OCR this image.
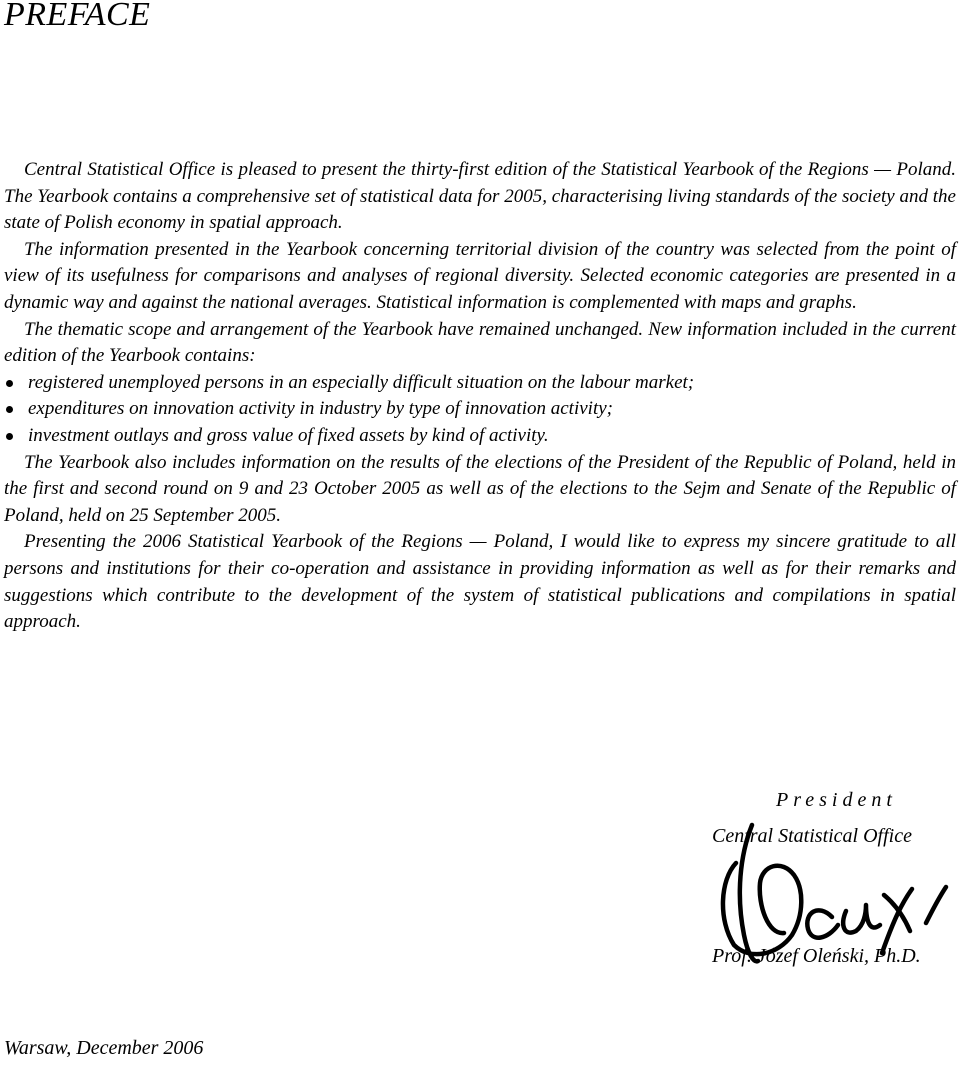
PREFACE

Central Statistical Office is pleased to present the thirty-first edition of the Statistical Yearbook of the Regions — Poland. The Yearbook contains a comprehensive set of statistical data for 2005, characterising living standards of the society and the state of Polish economy in spatial approach.

The information presented in the Yearbook concerning territorial division of the country was selected from the point of view of its usefulness for comparisons and analyses of regional diversity. Selected economic categories are presented in a dynamic way and against the national averages. Statistical information is complemented with maps and graphs.

The thematic scope and arrangement of the Yearbook have remained unchanged. New information included in the current edition of the Yearbook contains:

registered unemployed persons in an especially difficult situation on the labour market;
expenditures on innovation activity in industry by type of innovation activity;
investment outlays and gross value of fixed assets by kind of activity.

The Yearbook also includes information on the results of the elections of the President of the Republic of Poland, held in the first and second round on 9 and 23 October 2005 as well as of the elections to the Sejm and Senate of the Republic of Poland, held on 25 September 2005.

Presenting the 2006 Statistical Yearbook of the Regions — Poland, I would like to express my sincere gratitude to all persons and institutions for their co-operation and assistance in providing information as well as for their remarks and suggestions which contribute to the development of the system of statistical publications and compilations in spatial approach.

President

Central Statistical Office

Prof. Józef Oleński, Ph.D.

Warsaw, December 2006
